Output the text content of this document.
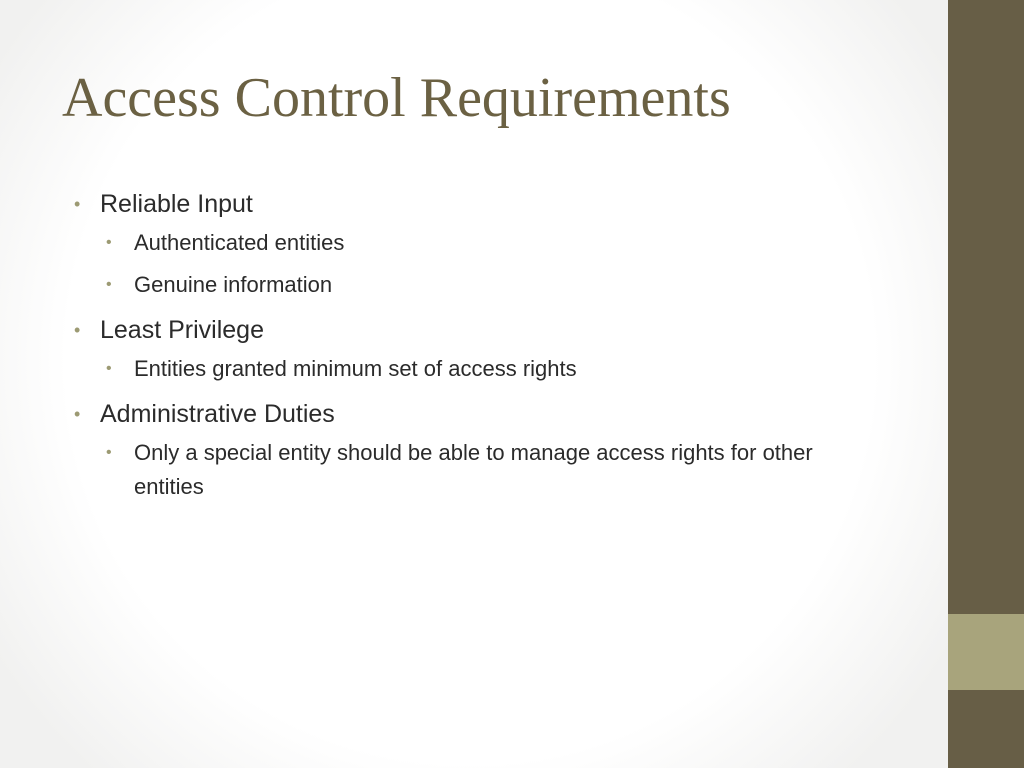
Access Control Requirements
• Reliable Input
• Authenticated entities
• Genuine information
• Least Privilege
• Entities granted minimum set of access rights
• Administrative Duties
• Only a special entity should be able to manage access rights for other entities
